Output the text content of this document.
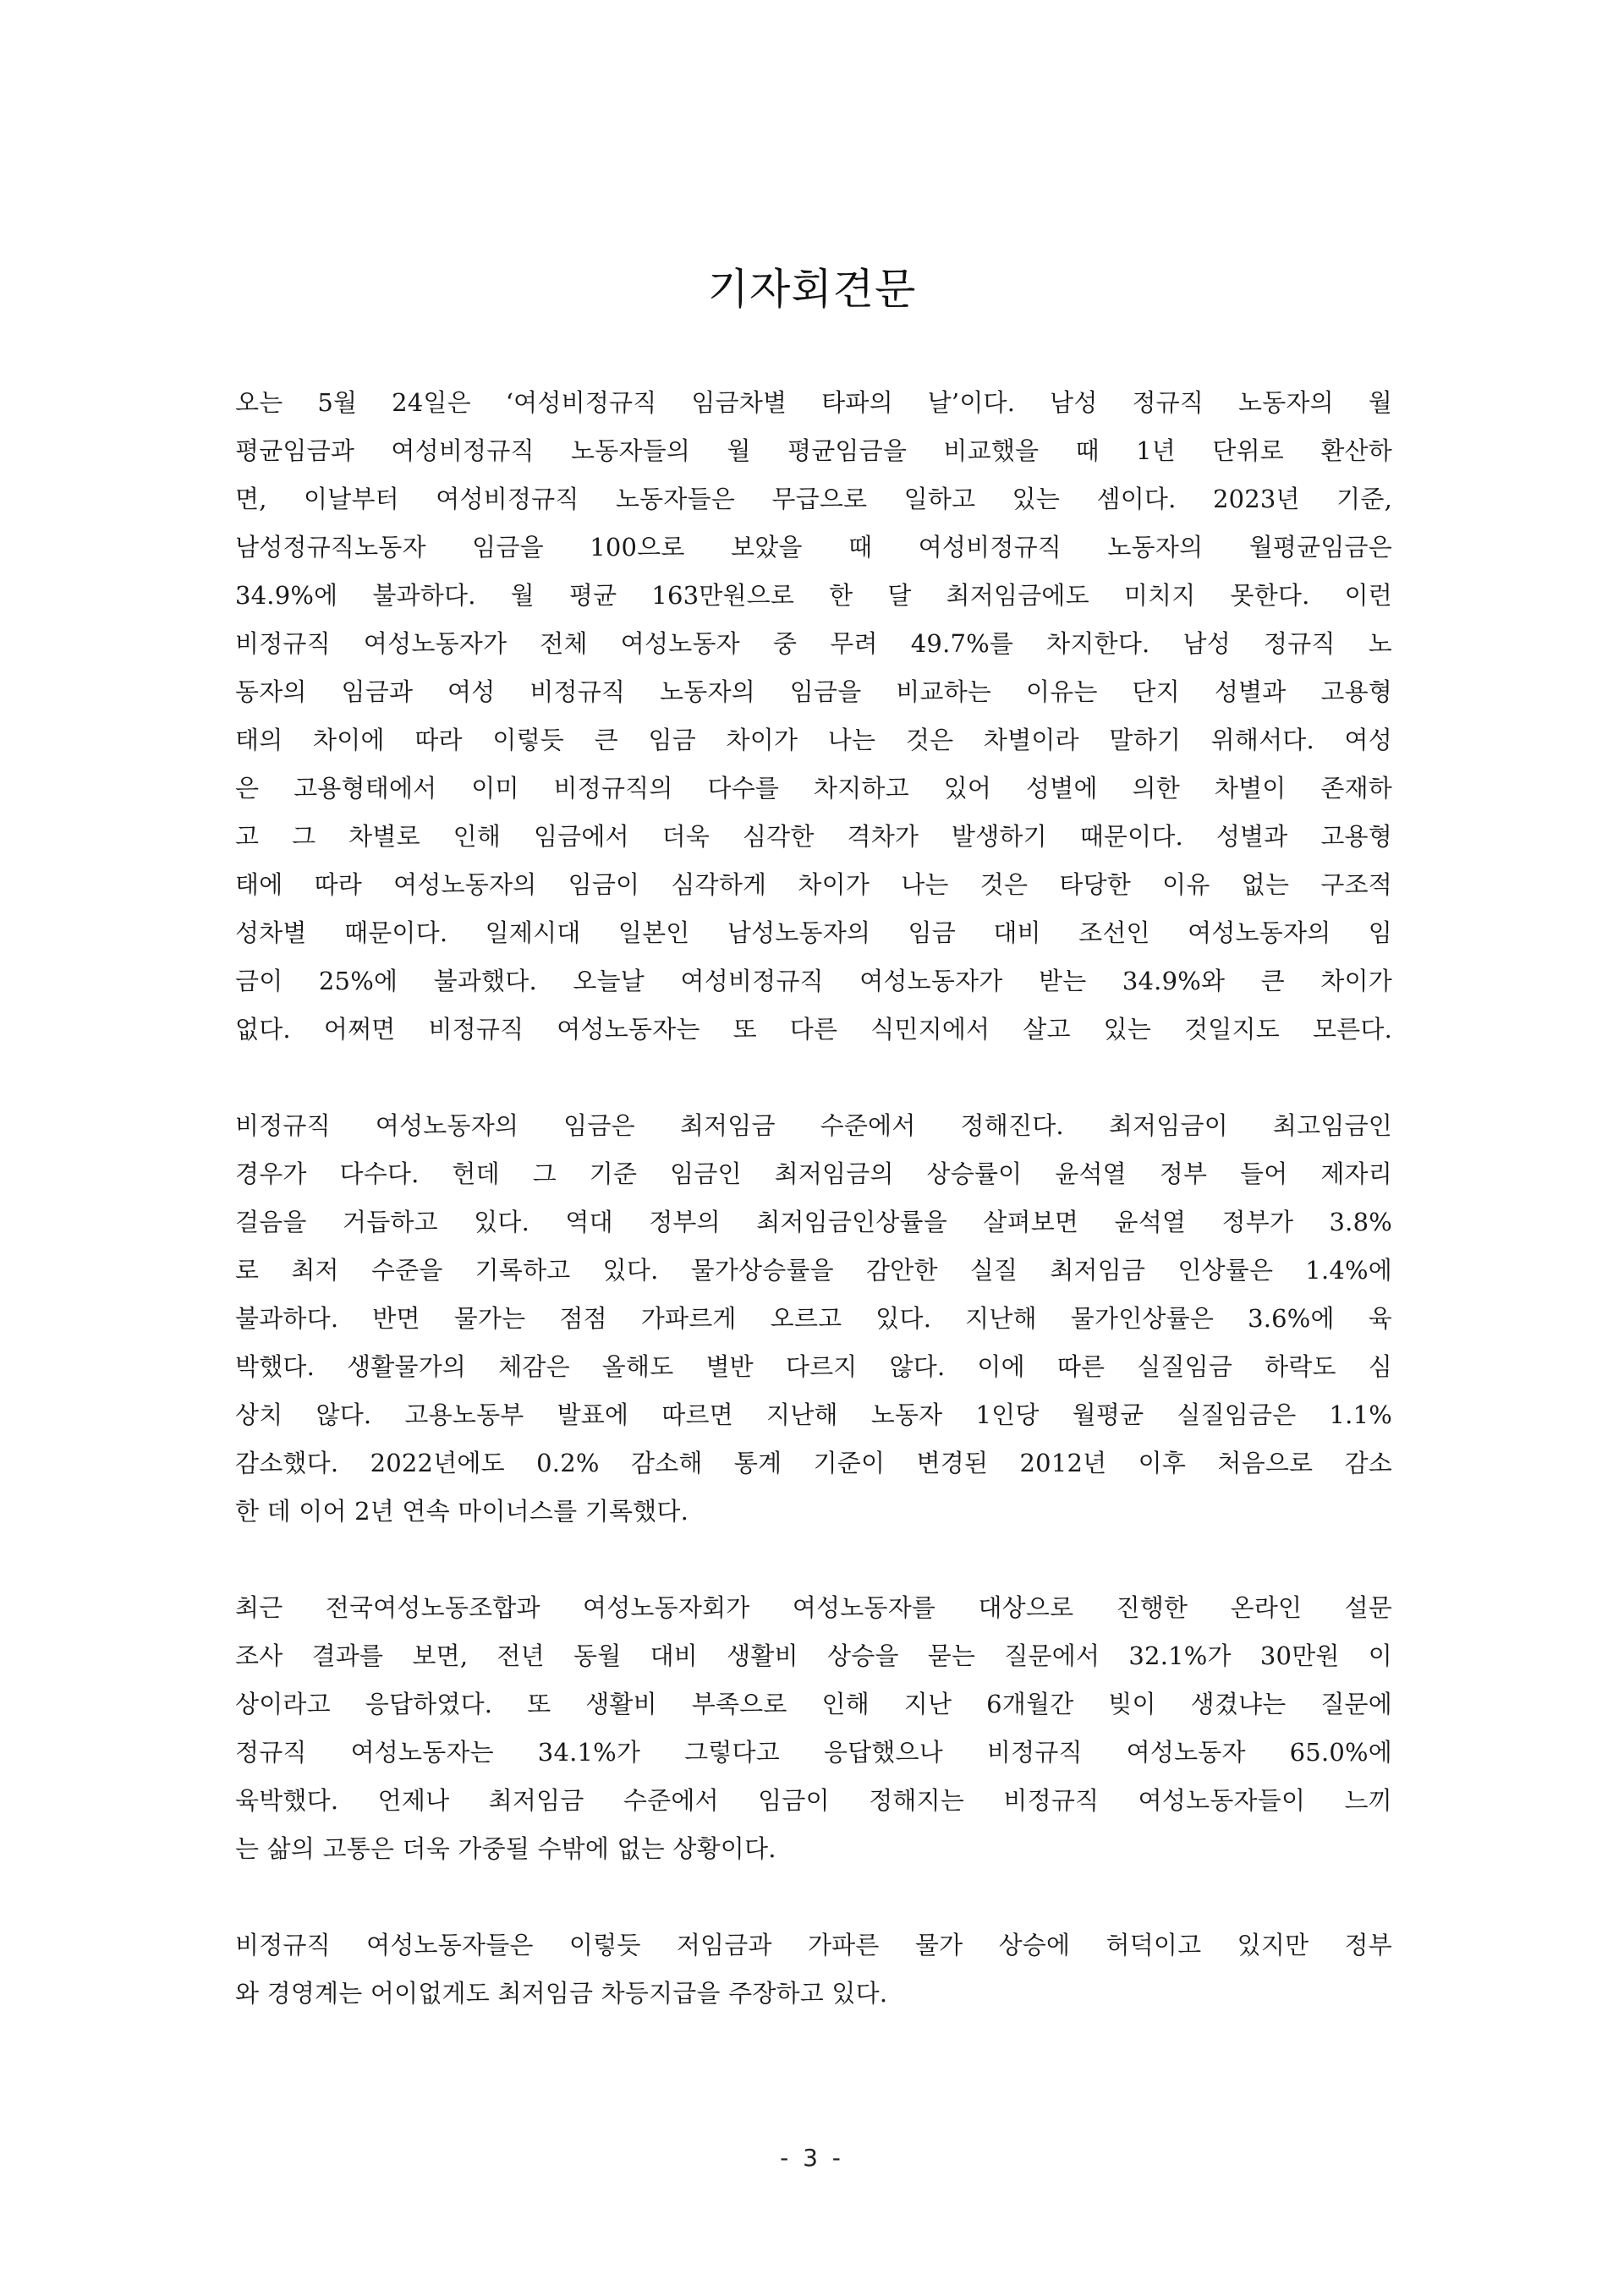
기자회견문

오는 5월 24일은 ‘여성비정규직 임금차별 타파의 날’이다. 남성 정규직 노동자의 월
평균임금과 여성비정규직 노동자들의 월 평균임금을 비교했을 때 1년 단위로 환산하
면, 이날부터 여성비정규직 노동자들은 무급으로 일하고 있는 셈이다. 2023년 기준,
남성정규직노동자 임금을 100으로 보았을 때 여성비정규직 노동자의 월평균임금은
34.9%에 불과하다. 월 평균 163만원으로 한 달 최저임금에도 미치지 못한다. 이런
비정규직 여성노동자가 전체 여성노동자 중 무려 49.7%를 차지한다. 남성 정규직 노
동자의 임금과 여성 비정규직 노동자의 임금을 비교하는 이유는 단지 성별과 고용형
태의 차이에 따라 이렇듯 큰 임금 차이가 나는 것은 차별이라 말하기 위해서다. 여성
은 고용형태에서 이미 비정규직의 다수를 차지하고 있어 성별에 의한 차별이 존재하
고 그 차별로 인해 임금에서 더욱 심각한 격차가 발생하기 때문이다. 성별과 고용형
태에 따라 여성노동자의 임금이 심각하게 차이가 나는 것은 타당한 이유 없는 구조적
성차별 때문이다. 일제시대 일본인 남성노동자의 임금 대비 조선인 여성노동자의 임
금이 25%에 불과했다. 오늘날 여성비정규직 여성노동자가 받는 34.9%와 큰 차이가
없다. 어쩌면 비정규직 여성노동자는 또 다른 식민지에서 살고 있는 것일지도 모른다.

비정규직 여성노동자의 임금은 최저임금 수준에서 정해진다. 최저임금이 최고임금인
경우가 다수다. 헌데 그 기준 임금인 최저임금의 상승률이 윤석열 정부 들어 제자리
걸음을 거듭하고 있다. 역대 정부의 최저임금인상률을 살펴보면 윤석열 정부가 3.8%
로 최저 수준을 기록하고 있다. 물가상승률을 감안한 실질 최저임금 인상률은 1.4%에
불과하다. 반면 물가는 점점 가파르게 오르고 있다. 지난해 물가인상률은 3.6%에 육
박했다. 생활물가의 체감은 올해도 별반 다르지 않다. 이에 따른 실질임금 하락도 심
상치 않다. 고용노동부 발표에 따르면 지난해 노동자 1인당 월평균 실질임금은 1.1%
감소했다. 2022년에도 0.2% 감소해 통계 기준이 변경된 2012년 이후 처음으로 감소
한 데 이어 2년 연속 마이너스를 기록했다.

최근 전국여성노동조합과 여성노동자회가 여성노동자를 대상으로 진행한 온라인 설문
조사 결과를 보면, 전년 동월 대비 생활비 상승을 묻는 질문에서 32.1%가 30만원 이
상이라고 응답하였다. 또 생활비 부족으로 인해 지난 6개월간 빚이 생겼냐는 질문에
정규직 여성노동자는 34.1%가 그렇다고 응답했으나 비정규직 여성노동자 65.0%에
육박했다. 언제나 최저임금 수준에서 임금이 정해지는 비정규직 여성노동자들이 느끼
는 삶의 고통은 더욱 가중될 수밖에 없는 상황이다.

비정규직 여성노동자들은 이렇듯 저임금과 가파른 물가 상승에 허덕이고 있지만 정부
와 경영계는 어이없게도 최저임금 차등지급을 주장하고 있다.

- 3 -
